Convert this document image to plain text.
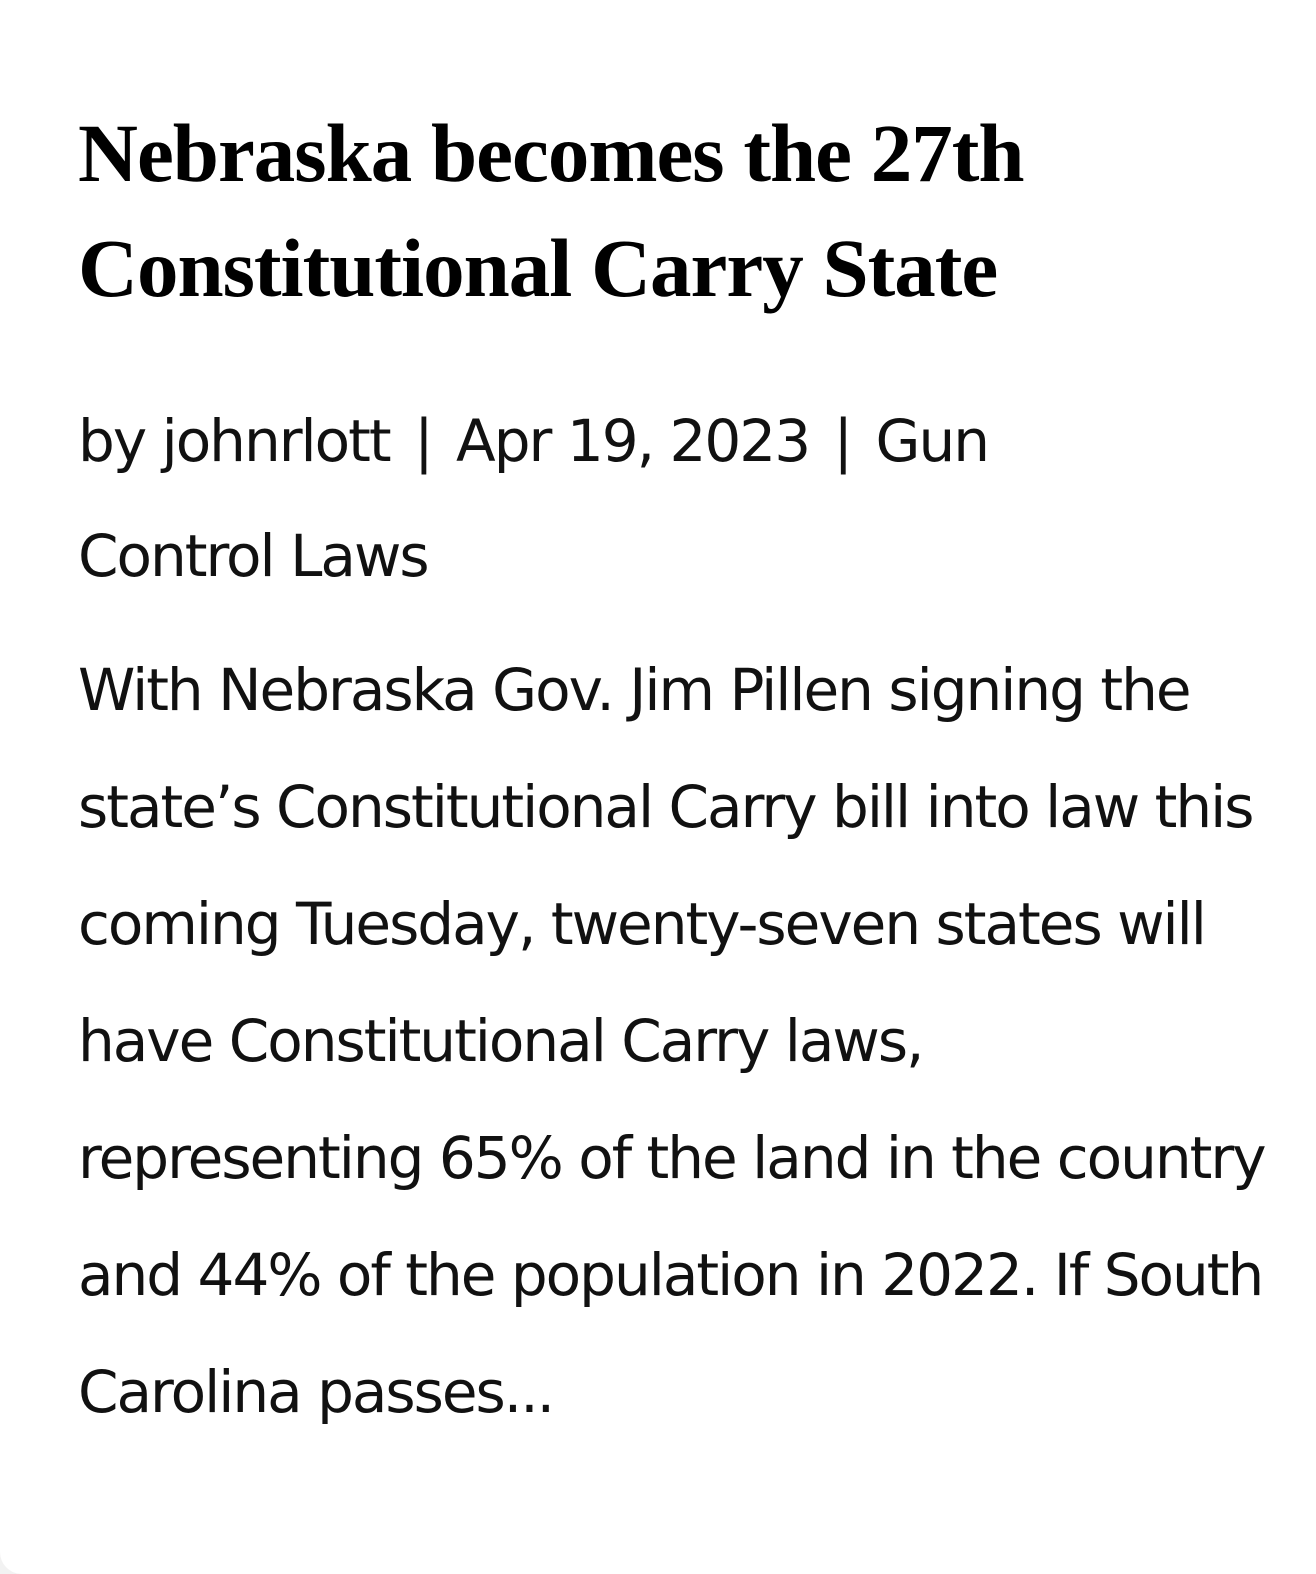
Nebraska becomes the 27th Constitutional Carry State
by johnrlott | Apr 19, 2023 | Gun Control Laws

With Nebraska Gov. Jim Pillen signing the state’s Constitutional Carry bill into law this coming Tuesday, twenty-seven states will have Constitutional Carry laws, representing 65% of the land in the country and 44% of the population in 2022. If South Carolina passes...
